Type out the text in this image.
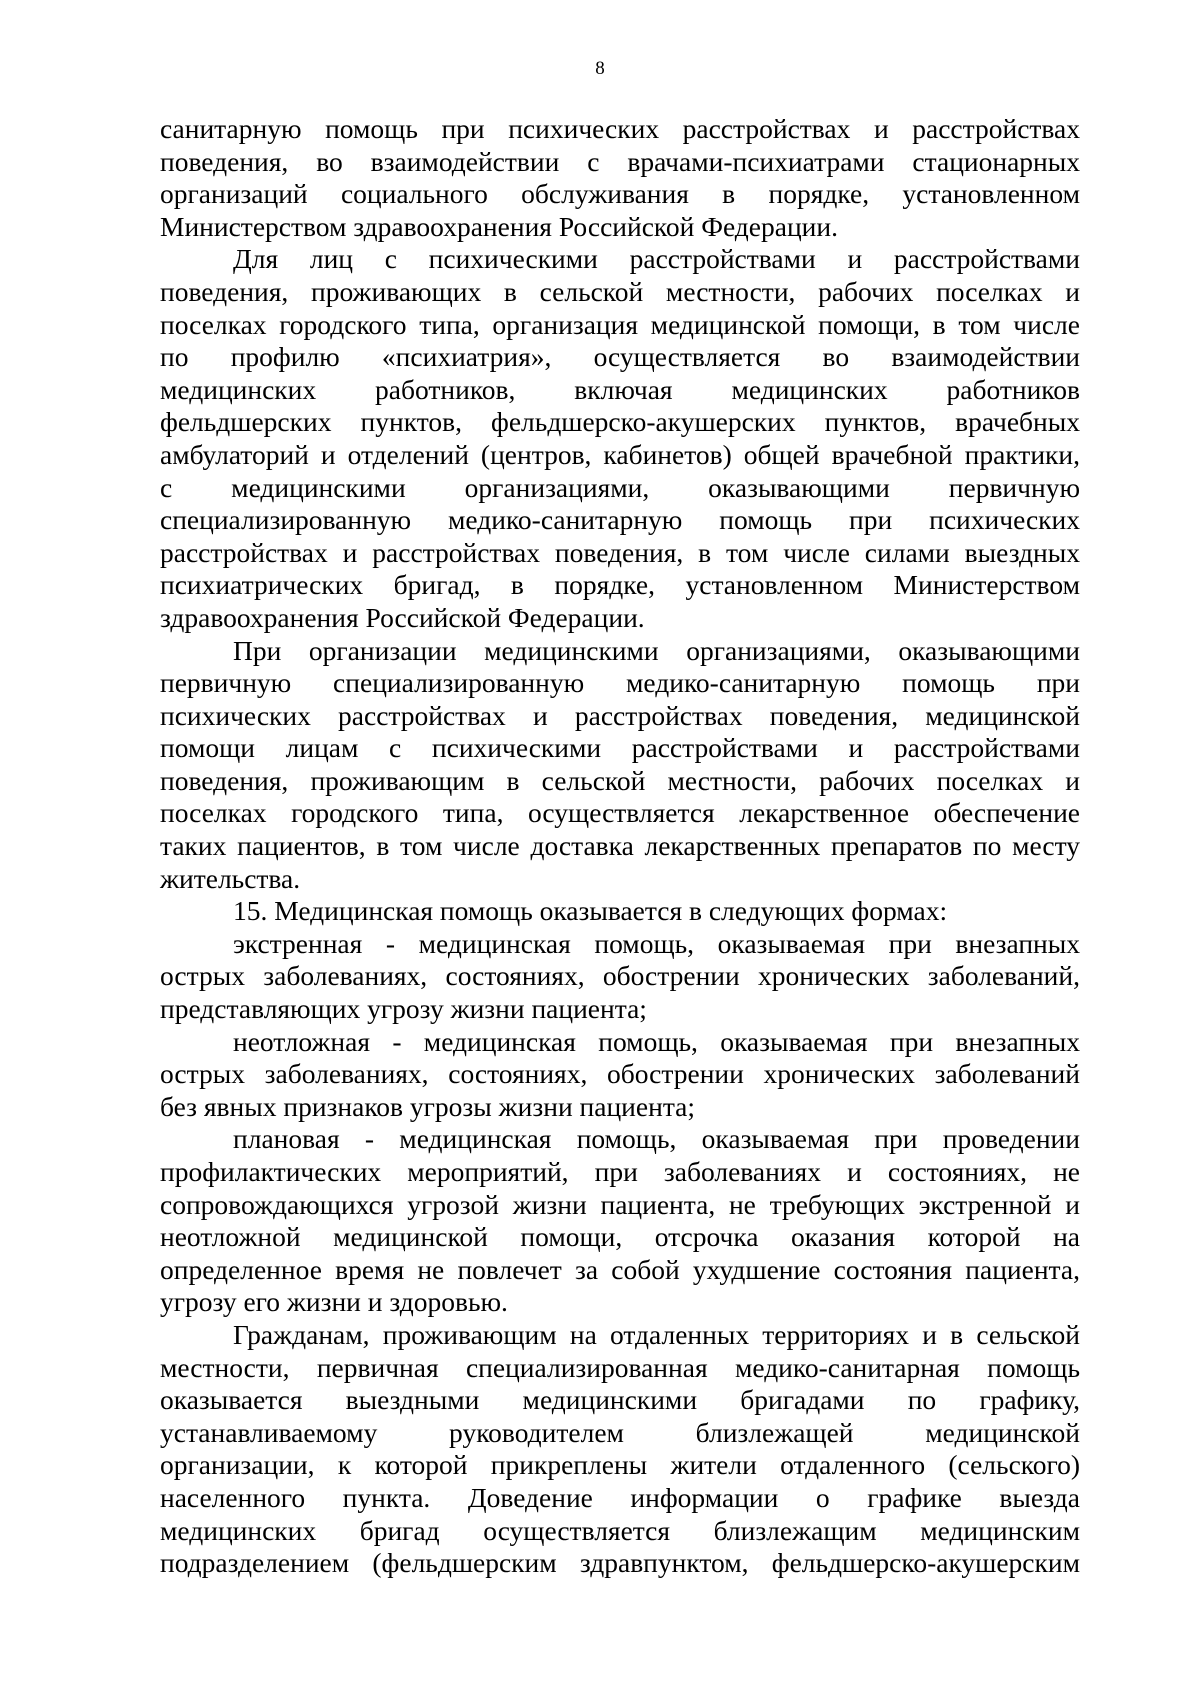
8
санитарную помощь при психических расстройствах и расстройствах
поведения, во взаимодействии с врачами-психиатрами стационарных
организаций социального обслуживания в порядке, установленном
Министерством здравоохранения Российской Федерации.
Для лиц с психическими расстройствами и расстройствами
поведения, проживающих в сельской местности, рабочих поселках и
поселках городского типа, организация медицинской помощи, в том числе
по профилю «психиатрия», осуществляется во взаимодействии
медицинских работников, включая медицинских работников
фельдшерских пунктов, фельдшерско-акушерских пунктов, врачебных
амбулаторий и отделений (центров, кабинетов) общей врачебной практики,
с медицинскими организациями, оказывающими первичную
специализированную медико-санитарную помощь при психических
расстройствах и расстройствах поведения, в том числе силами выездных
психиатрических бригад, в порядке, установленном Министерством
здравоохранения Российской Федерации.
При организации медицинскими организациями, оказывающими
первичную специализированную медико-санитарную помощь при
психических расстройствах и расстройствах поведения, медицинской
помощи лицам с психическими расстройствами и расстройствами
поведения, проживающим в сельской местности, рабочих поселках и
поселках городского типа, осуществляется лекарственное обеспечение
таких пациентов, в том числе доставка лекарственных препаратов по месту
жительства.
15. Медицинская помощь оказывается в следующих формах:
экстренная - медицинская помощь, оказываемая при внезапных
острых заболеваниях, состояниях, обострении хронических заболеваний,
представляющих угрозу жизни пациента;
неотложная - медицинская помощь, оказываемая при внезапных
острых заболеваниях, состояниях, обострении хронических заболеваний
без явных признаков угрозы жизни пациента;
плановая - медицинская помощь, оказываемая при проведении
профилактических мероприятий, при заболеваниях и состояниях, не
сопровождающихся угрозой жизни пациента, не требующих экстренной и
неотложной медицинской помощи, отсрочка оказания которой на
определенное время не повлечет за собой ухудшение состояния пациента,
угрозу его жизни и здоровью.
Гражданам, проживающим на отдаленных территориях и в сельской
местности, первичная специализированная медико-санитарная помощь
оказывается выездными медицинскими бригадами по графику,
устанавливаемому руководителем близлежащей медицинской
организации, к которой прикреплены жители отдаленного (сельского)
населенного пункта. Доведение информации о графике выезда
медицинских бригад осуществляется близлежащим медицинским
подразделением (фельдшерским здравпунктом, фельдшерско-акушерским
